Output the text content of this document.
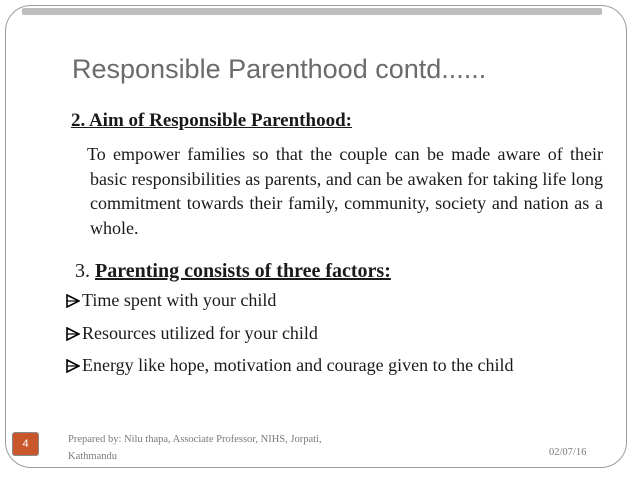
Responsible Parenthood contd......
2. Aim of Responsible Parenthood:
To empower families so that the couple can be made aware of their basic responsibilities as parents, and can be awaken for taking life long commitment towards their family, community, society and nation as a whole.
3. Parenting consists of three factors:
Time spent with your child
Resources utilized for your child
Energy like hope, motivation and courage given to the child
4	Prepared by: Nilu thapa, Associate Professor, NIHS, Jorpati, Kathmandu	02/07/16
